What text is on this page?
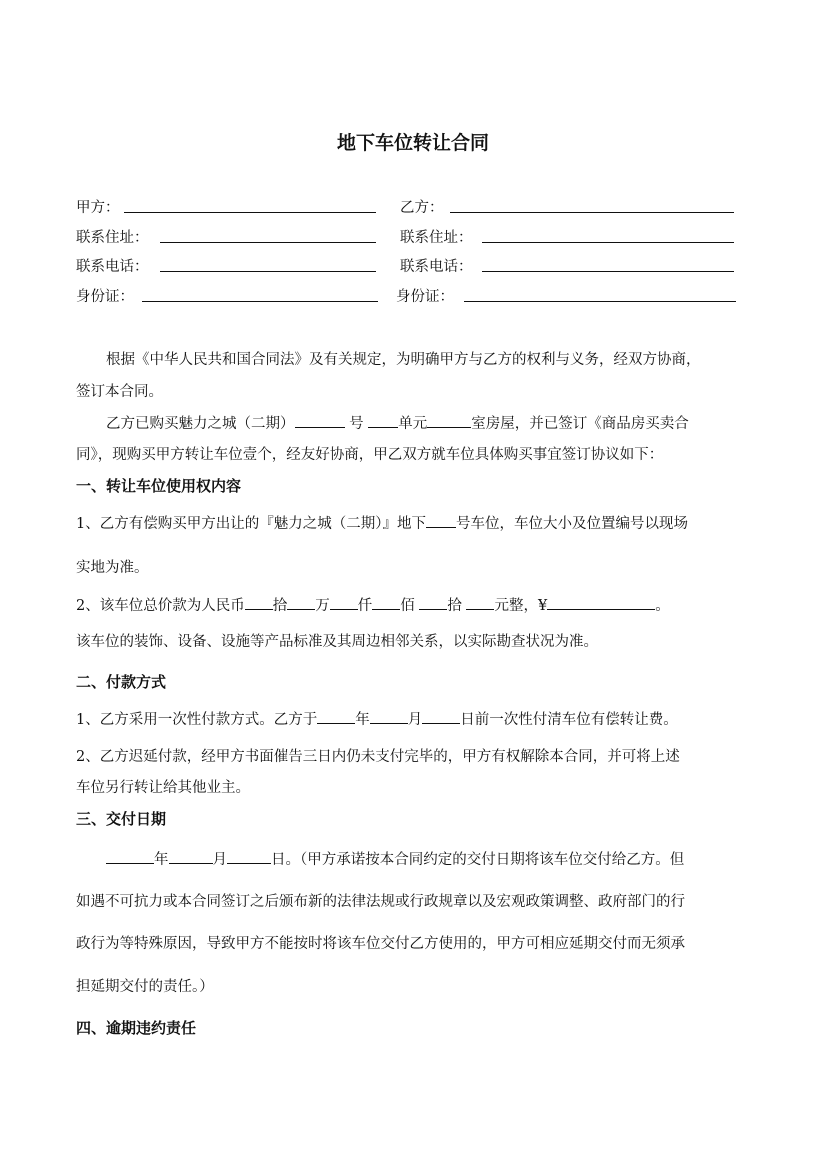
地下车位转让合同
甲方：	乙方：
联系住址：	联系住址：
联系电话：	联系电话：
身份证：	身份证：
根据《中华人民共和国合同法》及有关规定，为明确甲方与乙方的权利与义务，经双方协商，
签订本合同。
乙方已购买魅力之城（二期）	号 单元	室房屋，并已签订《商品房买卖合
同》，现购买甲方转让车位壹个，经友好协商，甲乙双方就车位具体购买事宜签订协议如下：
一、转让车位使用权内容
1、乙方有偿购买甲方出让的『魅力之城（二期）』地下 号车位，车位大小及位置编号以现场
实地为准。
2、该车位总价款为人民币 拾 万 仟 佰 拾 元整，¥	。
该车位的装饰、设备、设施等产品标准及其周边相邻关系，以实际勘查状况为准。
二、付款方式
1、乙方采用一次性付款方式。乙方于	年	月	日前一次性付清车位有偿转让费。
2、乙方迟延付款，经甲方书面催告三日内仍未支付完毕的，甲方有权解除本合同，并可将上述
车位另行转让给其他业主。
三、交付日期
年	月	日。（甲方承诺按本合同约定的交付日期将该车位交付给乙方。但
如遇不可抗力或本合同签订之后颁布新的法律法规或行政规章以及宏观政策调整、政府部门的行
政行为等特殊原因，导致甲方不能按时将该车位交付乙方使用的，甲方可相应延期交付而无须承
担延期交付的责任。）
四、逾期违约责任
